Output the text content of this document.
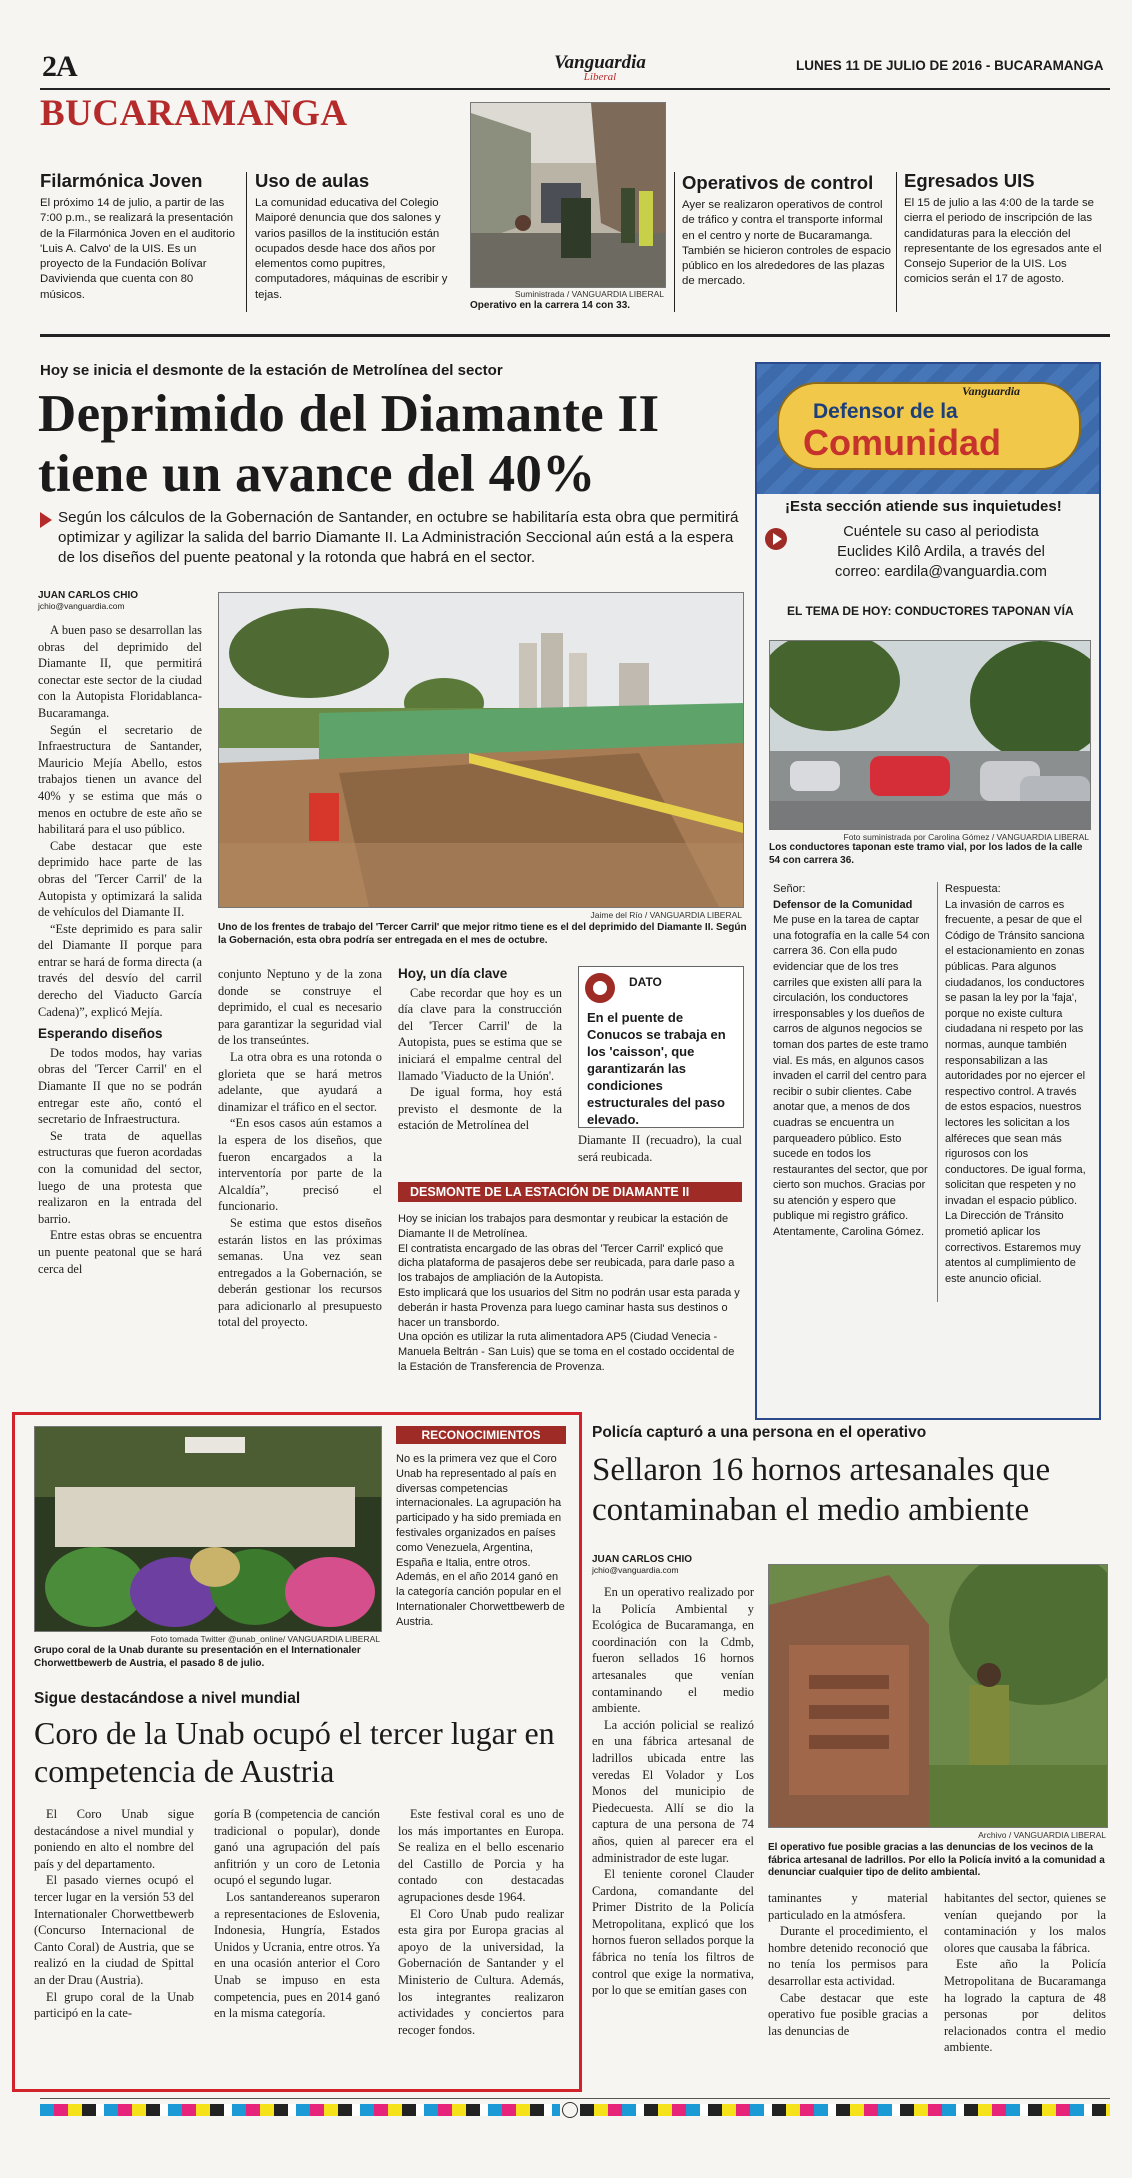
2A	Vanguardia
Liberal
LUNES 11 DE JULIO DE 2016 - BUCARAMANGA
BUCARAMANGA
Filarmónica Joven
El próximo 14 de julio, a partir de las 7:00 p.m., se realizará la presentación de la Filarmónica Joven en el auditorio 'Luis A. Calvo' de la UIS. Es un proyecto de la Fundación Bolívar Davivienda que cuenta con 80 músicos.
Uso de aulas
La comunidad educativa del Colegio Maiporé denuncia que dos salones y varios pasillos de la institución están ocupados desde hace dos años por elementos como pupitres, computadores, máquinas de escribir y tejas.	Suministrada / VANGUARDIA LIBERAL
Operativo en la carrera 14 con 33.
Operativos de control
Ayer se realizaron operativos de control de tráfico y contra el transporte informal en el centro y norte de Bucaramanga. También se hicieron controles de espacio público en los alrededores de las plazas de mercado.
Egresados UIS
El 15 de julio a las 4:00 de la tarde se cierra el periodo de inscripción de las candidaturas para la elección del representante de los egresados ante el Consejo Superior de la UIS. Los comicios serán el 17 de agosto.
Hoy se inicia el desmonte de la estación de Metrolínea del sector
Deprimido del Diamante II tiene un avance del 40%
Según los cálculos de la Gobernación de Santander, en octubre se habilitaría esta obra que permitirá optimizar y agilizar la salida del barrio Diamante II. La Administración Seccional aún está a la espera de los diseños del puente peatonal y la rotonda que habrá en el sector.
JUAN CARLOS CHIO
jchio@vanguardia.com

A buen paso se desarrollan las obras del deprimido del Diamante II, que permitirá conectar este sector de la ciudad con la Autopista Floridablanca-Bucaramanga.

Según el secretario de Infraestructura de Santander, Mauricio Mejía Abello, estos trabajos tienen un avance del 40% y se estima que más o menos en octubre de este año se habilitará para el uso público.

Cabe destacar que este deprimido hace parte de las obras del 'Tercer Carril' de la Autopista y optimizará la salida de vehículos del Diamante II.

“Este deprimido es para salir del Diamante II porque para entrar se hará de forma directa (a través del desvío del carril derecho del Viaducto García Cadena)”, explicó Mejía.

Esperando diseños

De todos modos, hay varias obras del 'Tercer Carril' en el Diamante II que no se podrán entregar este año, contó el secretario de Infraestructura.

Se trata de aquellas estructuras que fueron acordadas con la comunidad del sector, luego de una protesta que realizaron en la entrada del barrio.

Entre estas obras se encuentra un puente peatonal que se hará cerca del

Jaime del Río / VANGUARDIA LIBERAL
Uno de los frentes de trabajo del 'Tercer Carril' que mejor ritmo tiene es el del deprimido del Diamante II. Según la Gobernación, esta obra podría ser entregada en el mes de octubre.

conjunto Neptuno y de la zona donde se construye el deprimido, el cual es necesario para garantizar la seguridad vial de los transeúntes.

La otra obra es una rotonda o glorieta que se hará metros adelante, que ayudará a dinamizar el tráfico en el sector.

“En esos casos aún estamos a la espera de los diseños, que fueron encargados a la interventoría por parte de la Alcaldía”, precisó el funcionario.

Se estima que estos diseños estarán listos en las próximas semanas. Una vez sean entregados a la Gobernación, se deberán gestionar los recursos para adicionarlo al presupuesto total del proyecto.

Hoy, un día clave

Cabe recordar que hoy es un día clave para la construcción del 'Tercer Carril' de la Autopista, pues se estima que se iniciará el empalme central del llamado 'Viaducto de la Unión'.

De igual forma, hoy está previsto el desmonte de la estación de Metrolínea del

DATO
En el puente de Conucos se trabaja en los 'caisson', que garantizarán las condiciones estructurales del paso elevado.

Diamante II (recuadro), la cual será reubicada.

DESMONTE DE LA ESTACIÓN DE DIAMANTE II
Hoy se inician los trabajos para desmontar y reubicar la estación de Diamante II de Metrolínea.
El contratista encargado de las obras del 'Tercer Carril' explicó que dicha plataforma de pasajeros debe ser reubicada, para darle paso a los trabajos de ampliación de la Autopista.
Esto implicará que los usuarios del Sitm no podrán usar esta parada y deberán ir hasta Provenza para luego caminar hasta sus destinos o hacer un transbordo.
Una opción es utilizar la ruta alimentadora AP5 (Ciudad Venecia - Manuela Beltrán - San Luis) que se toma en el costado occidental de la Estación de Transferencia de Provenza.
Vanguardia
Defensor de la
Comunidad
¡Esta sección atiende sus inquietudes!
Cuéntele su caso al periodista
Euclides Kilô Ardila, a través del
correo: eardila@vanguardia.com
EL TEMA DE HOY: CONDUCTORES TAPONAN VÍA
Foto suministrada por Carolina Gómez / VANGUARDIA LIBERAL
Los conductores taponan este tramo vial, por los lados de la calle 54 con carrera 36.
Señor:
Defensor de la Comunidad
Me puse en la tarea de captar una fotografía en la calle 54 con carrera 36. Con ella pudo evidenciar que de los tres carriles que existen allí para la circulación, los conductores irresponsables y los dueños de carros de algunos negocios se toman dos partes de este tramo vial. Es más, en algunos casos invaden el carril del centro para recibir o subir clientes. Cabe anotar que, a menos de dos cuadras se encuentra un parqueadero público. Esto sucede en todos los restaurantes del sector, que por cierto son muchos. Gracias por su atención y espero que publique mi registro gráfico. Atentamente, Carolina Gómez.
Respuesta:
La invasión de carros es frecuente, a pesar de que el Código de Tránsito sanciona el estacionamiento en zonas públicas. Para algunos ciudadanos, los conductores se pasan la ley por la 'faja', porque no existe cultura ciudadana ni respeto por las normas, aunque también responsabilizan a las autoridades por no ejercer el respectivo control. A través de estos espacios, nuestros lectores les solicitan a los alféreces que sean más rigurosos con los conductores. De igual forma, solicitan que respeten y no invadan el espacio público. La Dirección de Tránsito prometió aplicar los correctivos. Estaremos muy atentos al cumplimiento de este anuncio oficial.
Foto tomada Twitter @unab_online/ VANGUARDIA LIBERAL
Grupo coral de la Unab durante su presentación en el Internationaler Chorwettbewerb de Austria, el pasado 8 de julio.
RECONOCIMIENTOS
No es la primera vez que el Coro Unab ha representado al país en diversas competencias internacionales. La agrupación ha participado y ha sido premiada en festivales organizados en países como Venezuela, Argentina, España e Italia, entre otros. Además, en el año 2014 ganó en la categoría canción popular en el Internationaler Chorwettbewerb de Austria.
Sigue destacándose a nivel mundial
Coro de la Unab ocupó el tercer lugar en competencia de Austria

El Coro Unab sigue destacándose a nivel mundial y poniendo en alto el nombre del país y del departamento.

El pasado viernes ocupó el tercer lugar en la versión 53 del Internationaler Chorwettbewerb (Concurso Internacional de Canto Coral) de Austria, que se realizó en la ciudad de Spittal an der Drau (Austria).

El grupo coral de la Unab participó en la cate-

goría B (competencia de canción tradicional o popular), donde ganó una agrupación del país anfitrión y un coro de Letonia ocupó el segundo lugar.

Los santandereanos superaron a representaciones de Eslovenia, Indonesia, Hungría, Estados Unidos y Ucrania, entre otros. Ya en una ocasión anterior el Coro Unab se impuso en esta competencia, pues en 2014 ganó en la misma categoría.

Este festival coral es uno de los más importantes en Europa. Se realiza en el bello escenario del Castillo de Porcia y ha contado con destacadas agrupaciones desde 1964.

El Coro Unab pudo realizar esta gira por Europa gracias al apoyo de la universidad, la Gobernación de Santander y el Ministerio de Cultura. Además, los integrantes realizaron actividades y conciertos para recoger fondos.

Policía capturó a una persona en el operativo
Sellaron 16 hornos artesanales que contaminaban el medio ambiente
JUAN CARLOS CHIO
jchio@vanguardia.com

En un operativo realizado por la Policía Ambiental y Ecológica de Bucaramanga, en coordinación con la Cdmb, fueron sellados 16 hornos artesanales que venían contaminando el medio ambiente.

La acción policial se realizó en una fábrica artesanal de ladrillos ubicada entre las veredas El Volador y Los Monos del municipio de Piedecuesta. Allí se dio la captura de una persona de 74 años, quien al parecer era el administrador de este lugar.

El teniente coronel Clauder Cardona, comandante del Primer Distrito de la Policía Metropolitana, explicó que los hornos fueron sellados porque la fábrica no tenía los filtros de control que exige la normativa, por lo que se emitían gases con

Archivo / VANGUARDIA LIBERAL
El operativo fue posible gracias a las denuncias de los vecinos de la fábrica artesanal de ladrillos. Por ello la Policía invitó a la comunidad a denunciar cualquier tipo de delito ambiental.

taminantes y material particulado en la atmósfera.

Durante el procedimiento, el hombre detenido reconoció que no tenía los permisos para desarrollar esta actividad.

Cabe destacar que este operativo fue posible gracias a las denuncias de

habitantes del sector, quienes se venían quejando por la contaminación y los malos olores que causaba la fábrica.

Este año la Policía Metropolitana de Bucaramanga ha logrado la captura de 48 personas por delitos relacionados contra el medio ambiente.
